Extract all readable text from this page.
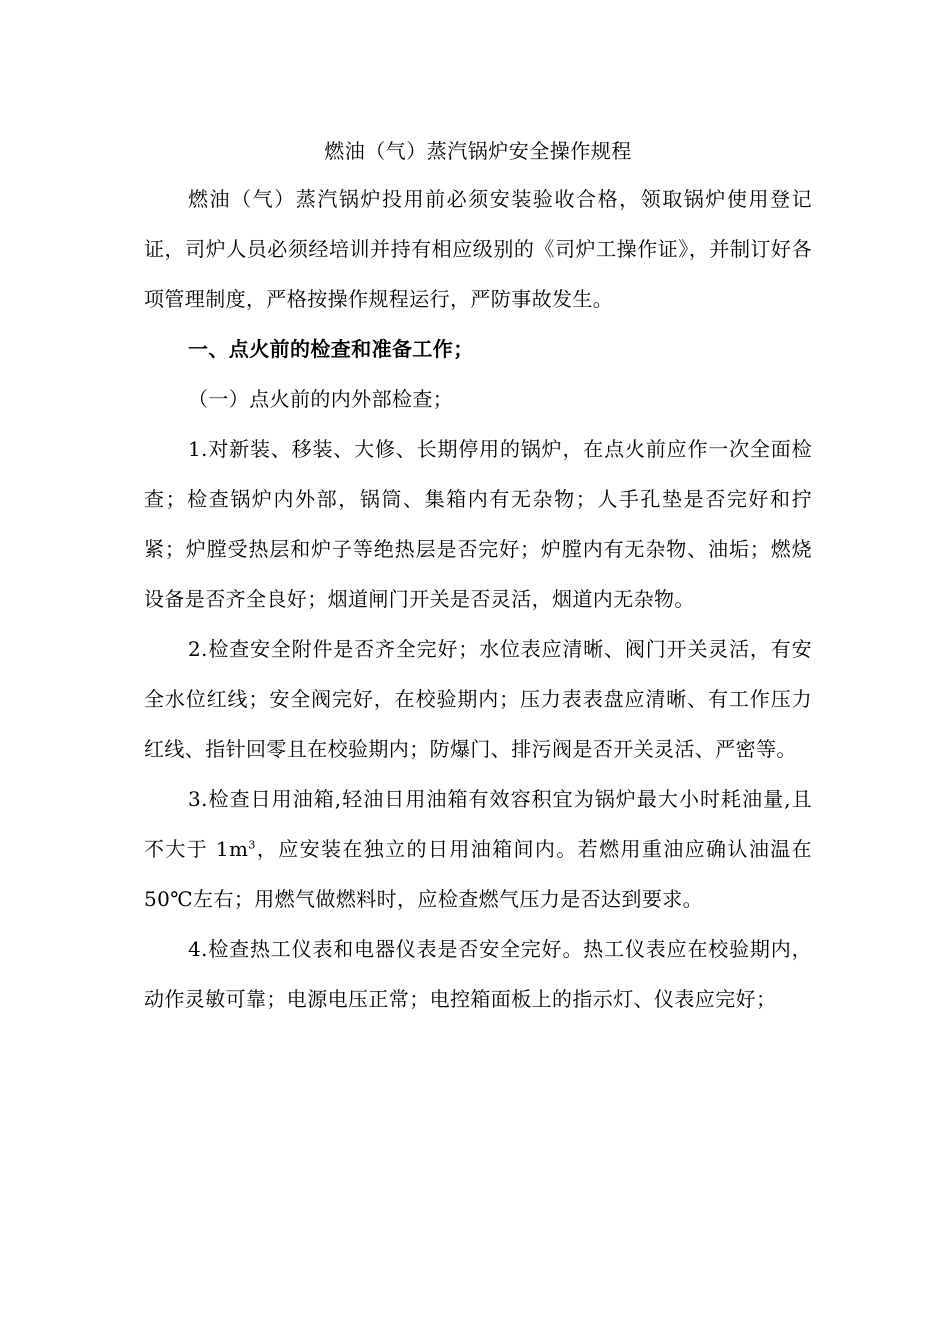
燃油（气）蒸汽锅炉安全操作规程

燃油（气）蒸汽锅炉投用前必须安装验收合格，领取锅炉使用登记证，司炉人员必须经培训并持有相应级别的《司炉工操作证》，并制订好各项管理制度，严格按操作规程运行，严防事故发生。

一、点火前的检查和准备工作；

（一）点火前的内外部检查；

1.对新装、移装、大修、长期停用的锅炉，在点火前应作一次全面检查；检查锅炉内外部，锅筒、集箱内有无杂物；人手孔垫是否完好和拧紧；炉膛受热层和炉子等绝热层是否完好；炉膛内有无杂物、油垢；燃烧设备是否齐全良好；烟道闸门开关是否灵活，烟道内无杂物。

2.检查安全附件是否齐全完好；水位表应清晰、阀门开关灵活，有安全水位红线；安全阀完好，在校验期内；压力表表盘应清晰、有工作压力红线、指针回零且在校验期内；防爆门、排污阀是否开关灵活、严密等。

3.检查日用油箱,轻油日用油箱有效容积宜为锅炉最大小时耗油量,且不大于 $1m^3$，应安装在独立的日用油箱间内。若燃用重油应确认油温在 50℃左右；用燃气做燃料时，应检查燃气压力是否达到要求。

4.检查热工仪表和电器仪表是否安全完好。热工仪表应在校验期内，动作灵敏可靠；电源电压正常；电控箱面板上的指示灯、仪表应完好；
